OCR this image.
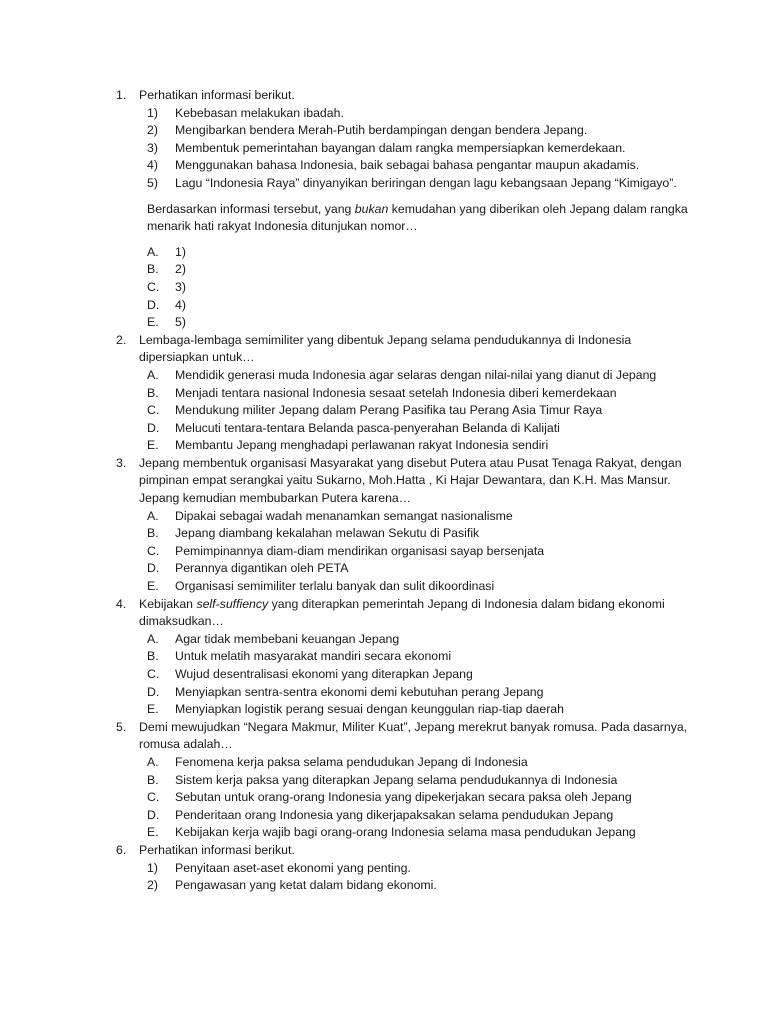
1. Perhatikan informasi berikut.
1) Kebebasan melakukan ibadah.
2) Mengibarkan bendera Merah-Putih berdampingan dengan bendera Jepang.
3) Membentuk pemerintahan bayangan dalam rangka mempersiapkan kemerdekaan.
4) Menggunakan bahasa Indonesia, baik sebagai bahasa pengantar maupun akadamis.
5) Lagu “Indonesia Raya” dinyanyikan beriringan dengan lagu kebangsaan Jepang “Kimigayo”.
Berdasarkan informasi tersebut, yang bukan kemudahan yang diberikan oleh Jepang dalam rangka menarik hati rakyat Indonesia ditunjukan nomor…
A. 1)
B. 2)
C. 3)
D. 4)
E. 5)
2. Lembaga-lembaga semimiliter yang dibentuk Jepang selama pendudukannya di Indonesia dipersiapkan untuk…
A. Mendidik generasi muda Indonesia agar selaras dengan nilai-nilai yang dianut di Jepang
B. Menjadi tentara nasional Indonesia sesaat setelah Indonesia diberi kemerdekaan
C. Mendukung militer Jepang dalam Perang Pasifika tau Perang Asia Timur Raya
D. Melucuti tentara-tentara Belanda pasca-penyerahan Belanda di Kalijati
E. Membantu Jepang menghadapi perlawanan rakyat Indonesia sendiri
3. Jepang membentuk organisasi Masyarakat yang disebut Putera atau Pusat Tenaga Rakyat, dengan pimpinan empat serangkai yaitu Sukarno, Moh.Hatta , Ki Hajar Dewantara, dan K.H. Mas Mansur. Jepang kemudian membubarkan Putera karena…
A. Dipakai sebagai wadah menanamkan semangat nasionalisme
B. Jepang diambang kekalahan melawan Sekutu di Pasifik
C. Pemimpinannya diam-diam mendirikan organisasi sayap bersenjata
D. Perannya digantikan oleh PETA
E. Organisasi semimiliter terlalu banyak dan sulit dikoordinasi
4. Kebijakan self-suffiency yang diterapkan pemerintah Jepang di Indonesia dalam bidang ekonomi dimaksudkan…
A. Agar tidak membebani keuangan Jepang
B. Untuk melatih masyarakat mandiri secara ekonomi
C. Wujud desentralisasi ekonomi yang diterapkan Jepang
D. Menyiapkan sentra-sentra ekonomi demi kebutuhan perang Jepang
E. Menyiapkan logistik perang sesuai dengan keunggulan riap-tiap daerah
5. Demi mewujudkan “Negara Makmur, Militer Kuat”, Jepang merekrut banyak romusa. Pada dasarnya, romusa adalah…
A. Fenomena kerja paksa selama pendudukan Jepang di Indonesia
B. Sistem kerja paksa yang diterapkan Jepang selama pendudukannya di Indonesia
C. Sebutan untuk orang-orang Indonesia yang dipekerjakan secara paksa oleh Jepang
D. Penderitaan orang Indonesia yang dikerjapaksakan selama pendudukan Jepang
E. Kebijakan kerja wajib bagi orang-orang Indonesia selama masa pendudukan Jepang
6. Perhatikan informasi berikut.
1) Penyitaan aset-aset ekonomi yang penting.
2) Pengawasan yang ketat dalam bidang ekonomi.
